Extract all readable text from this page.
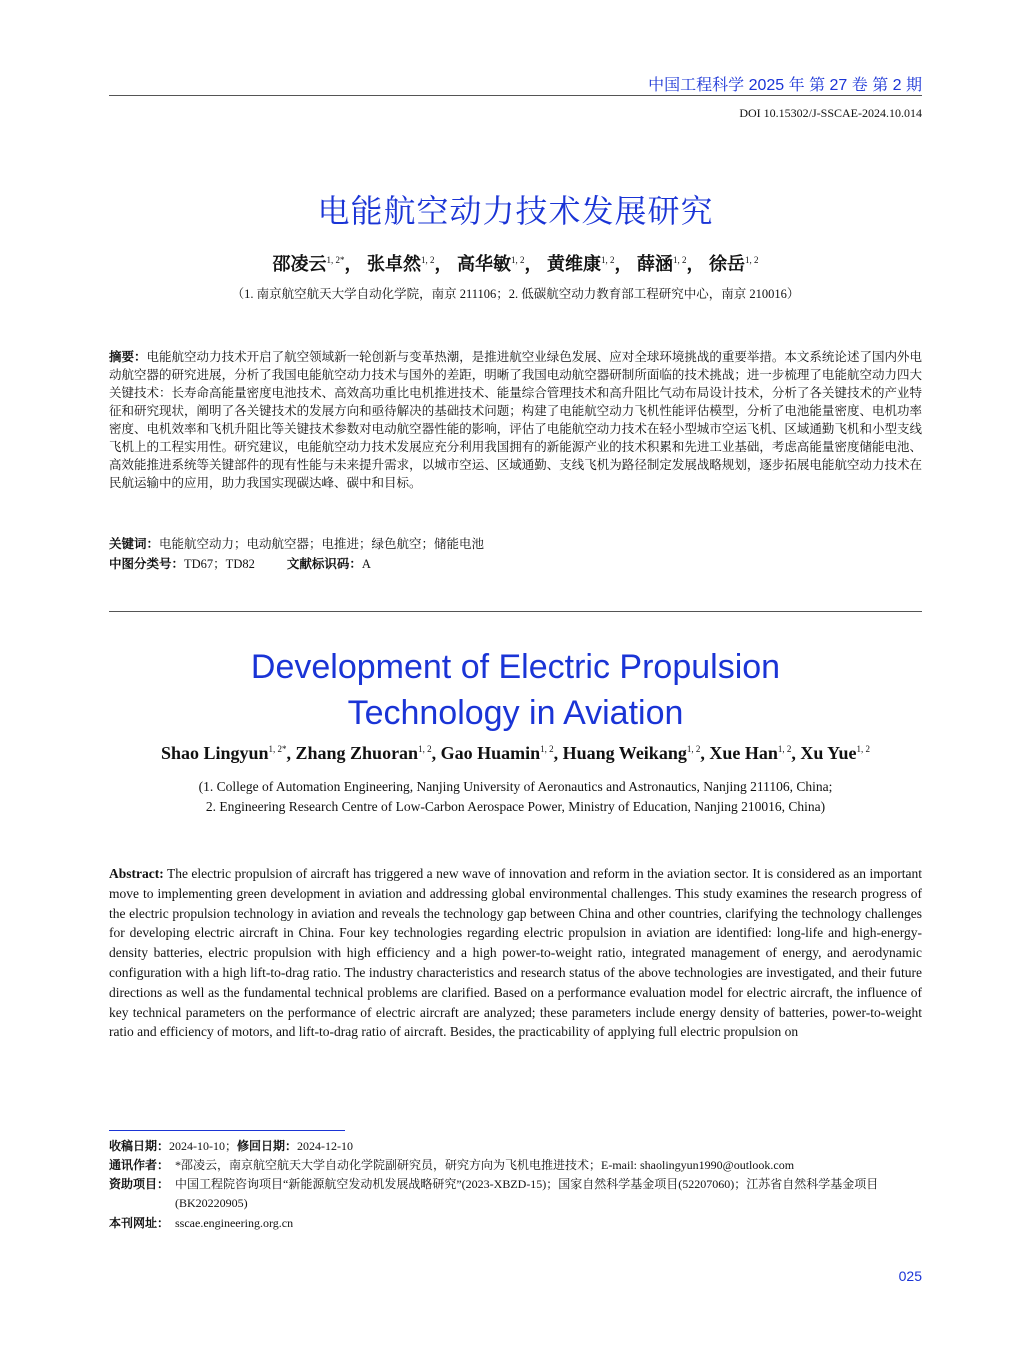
中国工程科学 2025 年 第 27 卷 第 2 期
DOI 10.15302/J-SSCAE-2024.10.014
电能航空动力技术发展研究
邵凌云$^{1, 2*}$， 张卓然$^{1, 2}$， 高华敏$^{1, 2}$， 黄维康$^{1, 2}$， 薛涵$^{1, 2}$， 徐岳$^{1, 2}$
（1. 南京航空航天大学自动化学院，南京 211106；2. 低碳航空动力教育部工程研究中心，南京 210016）
摘要：电能航空动力技术开启了航空领域新一轮创新与变革热潮，是推进航空业绿色发展、应对全球环境挑战的重要举措。本文系统论述了国内外电动航空器的研究进展，分析了我国电能航空动力技术与国外的差距，明晰了我国电动航空器研制所面临的技术挑战；进一步梳理了电能航空动力四大关键技术：长寿命高能量密度电池技术、高效高功重比电机推进技术、能量综合管理技术和高升阻比气动布局设计技术，分析了各关键技术的产业特征和研究现状，阐明了各关键技术的发展方向和亟待解决的基础技术问题；构建了电能航空动力飞机性能评估模型，分析了电池能量密度、电机功率密度、电机效率和飞机升阻比等关键技术参数对电动航空器性能的影响，评估了电能航空动力技术在轻小型城市空运飞机、区域通勤飞机和小型支线飞机上的工程实用性。研究建议，电能航空动力技术发展应充分利用我国拥有的新能源产业的技术积累和先进工业基础，考虑高能量密度储能电池、高效能推进系统等关键部件的现有性能与未来提升需求，以城市空运、区域通勤、支线飞机为路径制定发展战略规划，逐步拓展电能航空动力技术在民航运输中的应用，助力我国实现碳达峰、碳中和目标。
关键词：电能航空动力；电动航空器；电推进；绿色航空；储能电池
中图分类号：TD67；TD82	文献标识码：A
Development of Electric Propulsion
Technology in Aviation
Shao Lingyun$^{1, 2*}$, Zhang Zhuoran$^{1, 2}$, Gao Huamin$^{1, 2}$, Huang Weikang$^{1, 2}$, Xue Han$^{1, 2}$, Xu Yue$^{1, 2}$
(1. College of Automation Engineering, Nanjing University of Aeronautics and Astronautics, Nanjing 211106, China;
2. Engineering Research Centre of Low-Carbon Aerospace Power, Ministry of Education, Nanjing 210016, China)
Abstract: The electric propulsion of aircraft has triggered a new wave of innovation and reform in the aviation sector. It is considered as an important move to implementing green development in aviation and addressing global environmental challenges. This study examines the research progress of the electric propulsion technology in aviation and reveals the technology gap between China and other countries, clarifying the technology challenges for developing electric aircraft in China. Four key technologies regarding electric propulsion in aviation are identified: long-life and high-energy-density batteries, electric propulsion with high efficiency and a high power-to-weight ratio, integrated management of energy, and aerodynamic configuration with a high lift-to-drag ratio. The industry characteristics and research status of the above technologies are investigated, and their future directions as well as the fundamental technical problems are clarified. Based on a performance evaluation model for electric aircraft, the influence of key technical parameters on the performance of electric aircraft are analyzed; these parameters include energy density of batteries, power-to-weight ratio and efficiency of motors, and lift-to-drag ratio of aircraft. Besides, the practicability of applying full electric propulsion on
收稿日期：2024-10-10；修回日期：2024-12-10
通讯作者： *邵凌云，南京航空航天大学自动化学院副研究员，研究方向为飞机电推进技术；E-mail: shaolingyun1990@outlook.com
资助项目： 中国工程院咨询项目“新能源航空发动机发展战略研究”(2023-XBZD-15)；国家自然科学基金项目(52207060)；江苏省自然科学基金项目(BK20220905)
本刊网址： sscae.engineering.org.cn
025
